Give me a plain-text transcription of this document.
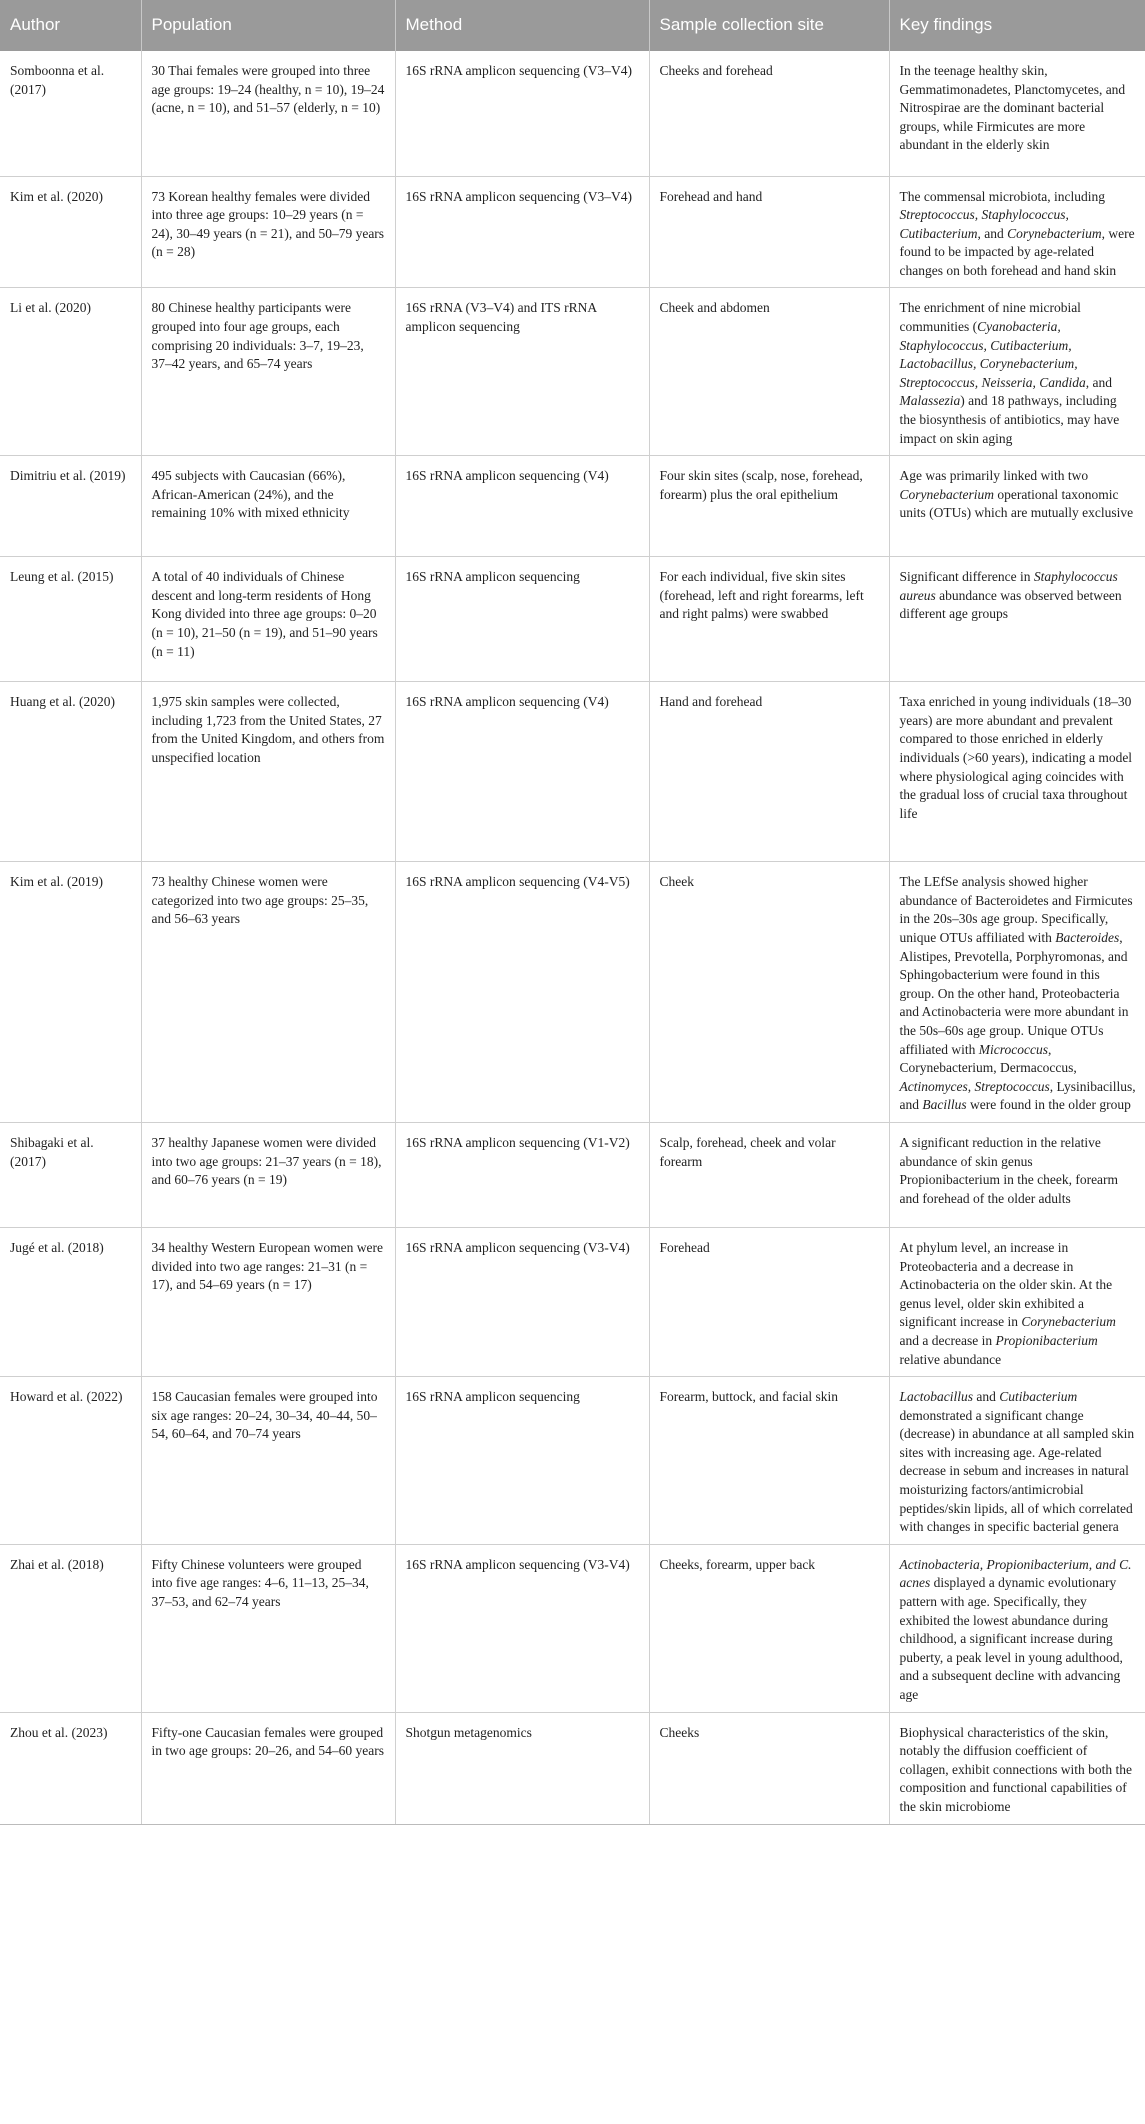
Author	Population	Method	Sample collection site	Key findings
Somboonna et al. (2017)	30 Thai females were grouped into three age groups: 19–24 (healthy, n = 10), 19–24 (acne, n = 10), and 51–57 (elderly, n = 10)	16S rRNA amplicon sequencing (V3–V4)	Cheeks and forehead	In the teenage healthy skin, Gemmatimonadetes, Planctomycetes, and Nitrospirae are the dominant bacterial groups, while Firmicutes are more abundant in the elderly skin
Kim et al. (2020)	73 Korean healthy females were divided into three age groups: 10–29 years (n = 24), 30–49 years (n = 21), and 50–79 years (n = 28)	16S rRNA amplicon sequencing (V3–V4)	Forehead and hand	The commensal microbiota, including Streptococcus, Staphylococcus, Cutibacterium, and Corynebacterium, were found to be impacted by age-related changes on both forehead and hand skin
Li et al. (2020)	80 Chinese healthy participants were grouped into four age groups, each comprising 20 individuals: 3–7, 19–23, 37–42 years, and 65–74 years	16S rRNA (V3–V4) and ITS rRNA amplicon sequencing	Cheek and abdomen	The enrichment of nine microbial communities (Cyanobacteria, Staphylococcus, Cutibacterium, Lactobacillus, Corynebacterium, Streptococcus, Neisseria, Candida, and Malassezia) and 18 pathways, including the biosynthesis of antibiotics, may have impact on skin aging
Dimitriu et al. (2019)	495 subjects with Caucasian (66%), African-American (24%), and the remaining 10% with mixed ethnicity	16S rRNA amplicon sequencing (V4)	Four skin sites (scalp, nose, forehead, forearm) plus the oral epithelium	Age was primarily linked with two Corynebacterium operational taxonomic units (OTUs) which are mutually exclusive
Leung et al. (2015)	A total of 40 individuals of Chinese descent and long-term residents of Hong Kong divided into three age groups: 0–20 (n = 10), 21–50 (n = 19), and 51–90 years (n = 11)	16S rRNA amplicon sequencing	For each individual, five skin sites (forehead, left and right forearms, left and right palms) were swabbed	Significant difference in Staphylococcus aureus abundance was observed between different age groups
Huang et al. (2020)	1,975 skin samples were collected, including 1,723 from the United States, 27 from the United Kingdom, and others from unspecified location	16S rRNA amplicon sequencing (V4)	Hand and forehead	Taxa enriched in young individuals (18–30 years) are more abundant and prevalent compared to those enriched in elderly individuals (>60 years), indicating a model where physiological aging coincides with the gradual loss of crucial taxa throughout life
Kim et al. (2019)	73 healthy Chinese women were categorized into two age groups: 25–35, and 56–63 years	16S rRNA amplicon sequencing (V4-V5)	Cheek	The LEfSe analysis showed higher abundance of Bacteroidetes and Firmicutes in the 20s–30s age group. Specifically, unique OTUs affiliated with Bacteroides, Alistipes, Prevotella, Porphyromonas, and Sphingobacterium were found in this group. On the other hand, Proteobacteria and Actinobacteria were more abundant in the 50s–60s age group. Unique OTUs affiliated with Micrococcus, Corynebacterium, Dermacoccus, Actinomyces, Streptococcus, Lysinibacillus, and Bacillus were found in the older group
Shibagaki et al. (2017)	37 healthy Japanese women were divided into two age groups: 21–37 years (n = 18), and 60–76 years (n = 19)	16S rRNA amplicon sequencing (V1-V2)	Scalp, forehead, cheek and volar forearm	A significant reduction in the relative abundance of skin genus Propionibacterium in the cheek, forearm and forehead of the older adults
Jugé et al. (2018)	34 healthy Western European women were divided into two age ranges: 21–31 (n = 17), and 54–69 years (n = 17)	16S rRNA amplicon sequencing (V3-V4)	Forehead	At phylum level, an increase in Proteobacteria and a decrease in Actinobacteria on the older skin. At the genus level, older skin exhibited a significant increase in Corynebacterium and a decrease in Propionibacterium relative abundance
Howard et al. (2022)	158 Caucasian females were grouped into six age ranges: 20–24, 30–34, 40–44, 50–54, 60–64, and 70–74 years	16S rRNA amplicon sequencing	Forearm, buttock, and facial skin	Lactobacillus and Cutibacterium demonstrated a significant change (decrease) in abundance at all sampled skin sites with increasing age. Age-related decrease in sebum and increases in natural moisturizing factors/antimicrobial peptides/skin lipids, all of which correlated with changes in specific bacterial genera
Zhai et al. (2018)	Fifty Chinese volunteers were grouped into five age ranges: 4–6, 11–13, 25–34, 37–53, and 62–74 years	16S rRNA amplicon sequencing (V3-V4)	Cheeks, forearm, upper back	Actinobacteria, Propionibacterium, and C. acnes displayed a dynamic evolutionary pattern with age. Specifically, they exhibited the lowest abundance during childhood, a significant increase during puberty, a peak level in young adulthood, and a subsequent decline with advancing age
Zhou et al. (2023)	Fifty-one Caucasian females were grouped in two age groups: 20–26, and 54–60 years	Shotgun metagenomics	Cheeks	Biophysical characteristics of the skin, notably the diffusion coefficient of collagen, exhibit connections with both the composition and functional capabilities of the skin microbiome
